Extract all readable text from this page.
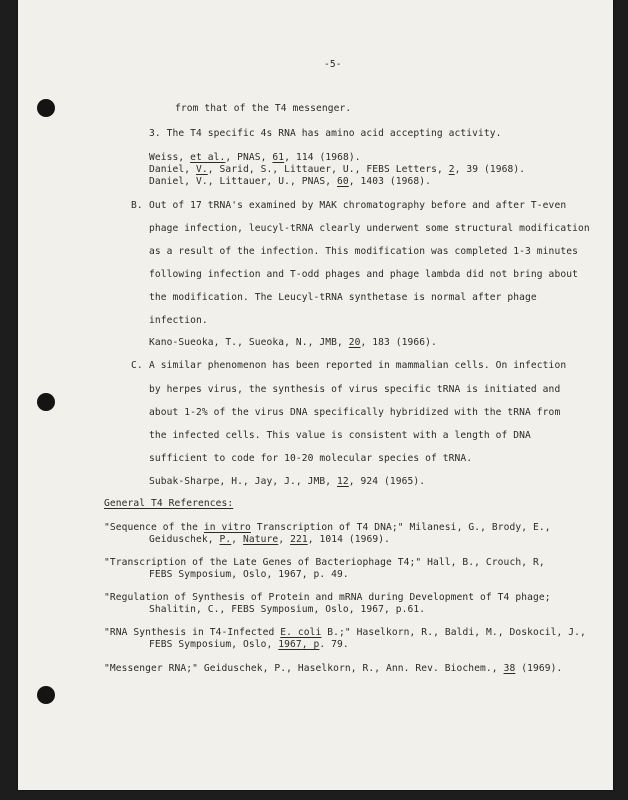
-5-
from that of the T4 messenger.
3. The T4 specific 4s RNA has amino acid accepting activity.
Weiss, et al., PNAS, 61, 114 (1968).
Daniel, V., Sarid, S., Littauer, U., FEBS Letters, 2, 39 (1968).
Daniel, V., Littauer, U., PNAS, 60, 1403 (1968).
B. Out of 17 tRNA's examined by MAK chromatography before and after T-even
phage infection, leucyl-tRNA clearly underwent some structural modification
as a result of the infection. This modification was completed 1-3 minutes
following infection and T-odd phages and phage lambda did not bring about
the modification. The Leucyl-tRNA synthetase is normal after phage
infection.
Kano-Sueoka, T., Sueoka, N., JMB, 20, 183 (1966).
C. A similar phenomenon has been reported in mammalian cells. On infection
by herpes virus, the synthesis of virus specific tRNA is initiated and
about 1-2% of the virus DNA specifically hybridized with the tRNA from
the infected cells. This value is consistent with a length of DNA
sufficient to code for 10-20 molecular species of tRNA.
Subak-Sharpe, H., Jay, J., JMB, 12, 924 (1965).
General T4 References:
"Sequence of the in vitro Transcription of T4 DNA;" Milanesi, G., Brody, E.,
Geiduschek, P., Nature, 221, 1014 (1969).
"Transcription of the Late Genes of Bacteriophage T4;" Hall, B., Crouch, R,
FEBS Symposium, Oslo, 1967, p. 49.
"Regulation of Synthesis of Protein and mRNA during Development of T4 phage;
Shalitin, C., FEBS Symposium, Oslo, 1967, p.61.
"RNA Synthesis in T4-Infected E. coli B.;" Haselkorn, R., Baldi, M., Doskocil, J.,
FEBS Symposium, Oslo, 1967, p. 79.
"Messenger RNA;" Geiduschek, P., Haselkorn, R., Ann. Rev. Biochem., 38 (1969).
